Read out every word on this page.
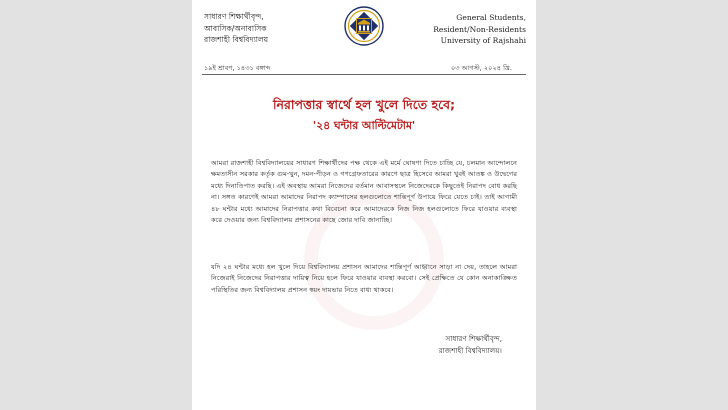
সাধারণ শিক্ষার্থীবৃন্দ,
আবাসিক/অনাবাসিক
রাজশাহী বিশ্ববিদ্যালয়
General Students,
Resident/Non-Residents
University of Rajshahi
১৯ই শ্রাবণ, ১৪৩১ বঙ্গাব্দ	০৩ আগস্ট, ২০২৪ খ্রি.
নিরাপত্তার স্বার্থে হল খুলে দিতে হবে;
'২৪ ঘন্টার আল্টিমেটাম'

আমরা রাজশাহী বিশ্ববিদ্যালয়ের সাধারণ শিক্ষার্থীদের পক্ষ থেকে এই মর্মে ঘোষণা দিতে চাচ্ছি যে, চলমান আন্দোলনে ক্ষমতাসীন সরকার কর্তৃক গুম-খুন, দমন-পীড়ন ও গণগ্রেফতারের কারণে ছাত্র হিসেবে আমরা খুবই আতঙ্ক ও উদ্বেগের মধ্যে দিনাতিপাত করছি। এই অবস্থায় আমরা নিজেদের বর্তমান আবাসস্থলে নিজেদেরকে কিছুতেই নিরাপদ বোধ করছি না। সঙ্গত কারণেই আমরা আমাদের নিরাপদ ক্যাম্পাসের হলগুলোতে শান্তিপূর্ণ উপায়ে ফিরে যেতে চাই। তাই আগামী ৪৮ ঘন্টার মধ্যে আমাদের নিরাপত্তার কথা বিবেচনা করে আমাদেরকে নিজ নিজ হলগুলোতে ফিরে যাওয়ার ব্যবস্থা করে দেওয়ার জন্য বিশ্ববিদ্যালয় প্রশাসনের কাছে জোর দাবি জানাচ্ছি।

যদি ২৪ ঘন্টার মধ্যে হল খুলে দিয়ে বিশ্ববিদ্যালয় প্রশাসন আমাদের শান্তিপূর্ণ আহ্বানে সাড়া না দেয়, তাহলে আমরা নিজেরাই নিজেদের নিরাপত্তার দায়িত্ব নিয়ে হলে ফিরে যাওয়ার ব্যবস্থা করবো। সেই প্রেক্ষিতে যে কোন অনাকাঙ্ক্ষিত পরিস্থিতির জন্য বিশ্ববিদ্যালয় প্রশাসন স্বয়ং দায়ভার নিতে বাধ্য থাকবে।

সাধারণ শিক্ষার্থীবৃন্দ,
রাজশাহী বিশ্ববিদ্যালয়।
